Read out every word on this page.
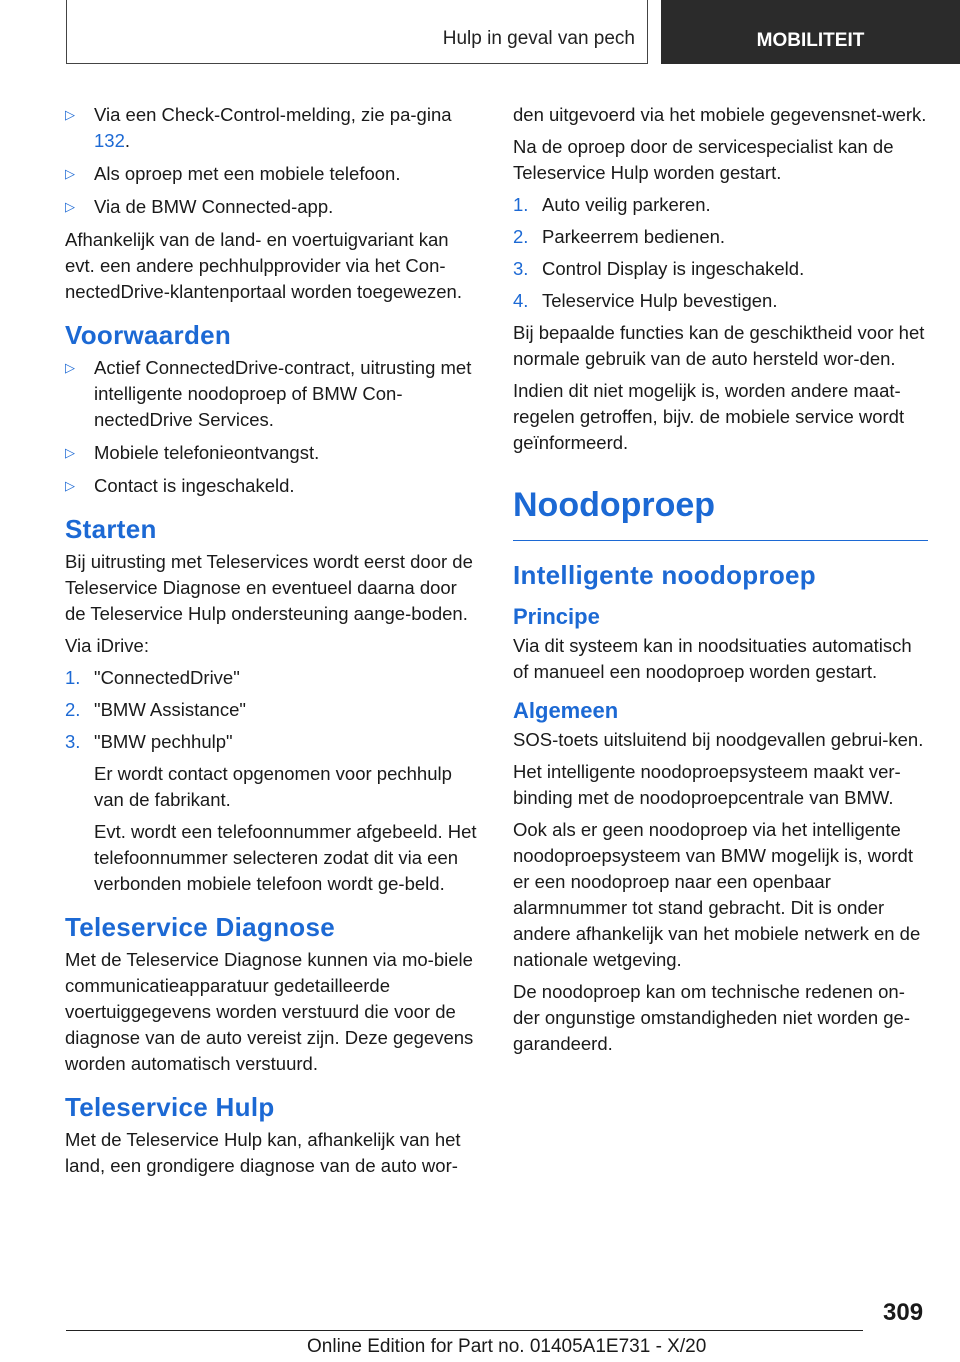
Hulp in geval van pech	MOBILITEIT
▷ Via een Check-Control-melding, zie pa-gina 132.
▷ Als oproep met een mobiele telefoon.
▷ Via de BMW Connected-app.

Afhankelijk van de land- en voertuigvariant kan evt. een andere pechhulpprovider via het Con-nectedDrive-klantenportaal worden toegewezen.

Voorwaarden
▷ Actief ConnectedDrive-contract, uitrusting met intelligente noodoproep of BMW Con-nectedDrive Services.
▷ Mobiele telefonieontvangst.
▷ Contact is ingeschakeld.
Starten

Bij uitrusting met Teleservices wordt eerst door de Teleservice Diagnose en eventueel daarna door de Teleservice Hulp ondersteuning aange-boden.

Via iDrive:

1. "ConnectedDrive"
2. "BMW Assistance"
3. "BMW pechhulp"

Er wordt contact opgenomen voor pechhulp van de fabrikant.

Evt. wordt een telefoonnummer afgebeeld. Het telefoonnummer selecteren zodat dit via een verbonden mobiele telefoon wordt ge-beld.

Teleservice Diagnose

Met de Teleservice Diagnose kunnen via mo-biele communicatieapparatuur gedetailleerde voertuiggegevens worden verstuurd die voor de diagnose van de auto vereist zijn. Deze gegevens worden automatisch verstuurd.

Teleservice Hulp

Met de Teleservice Hulp kan, afhankelijk van het land, een grondigere diagnose van de auto wor-

den uitgevoerd via het mobiele gegevensnet-werk.

Na de oproep door de servicespecialist kan de Teleservice Hulp worden gestart.

1. Auto veilig parkeren.
2. Parkeerrem bedienen.
3. Control Display is ingeschakeld.
4. Teleservice Hulp bevestigen.

Bij bepaalde functies kan de geschiktheid voor het normale gebruik van de auto hersteld wor-den.

Indien dit niet mogelijk is, worden andere maat-regelen getroffen, bijv. de mobiele service wordt geïnformeerd.

Noodoproep
Intelligente noodoproep
Principe

Via dit systeem kan in noodsituaties automatisch of manueel een noodoproep worden gestart.

Algemeen

SOS-toets uitsluitend bij noodgevallen gebrui-ken.

Het intelligente noodoproepsysteem maakt ver-binding met de noodoproepcentrale van BMW.

Ook als er geen noodoproep via het intelligente noodoproepsysteem van BMW mogelijk is, wordt er een noodoproep naar een openbaar alarmnummer tot stand gebracht. Dit is onder andere afhankelijk van het mobiele netwerk en de nationale wetgeving.

De noodoproep kan om technische redenen on-der ongunstige omstandigheden niet worden ge-garandeerd.

309
Online Edition for Part no. 01405A1E731 - X/20
